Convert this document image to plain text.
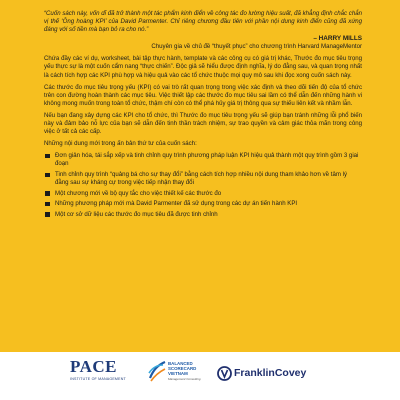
“Cuốn sách này, vốn dĩ đã trở thành một tác phẩm kinh điển về công tác đo lường hiệu suất, đã khẳng định chắc chắn vị thế ‘Ông hoàng KPI’ của David Parmenter. Chỉ riêng chương đầu tiên với phần nội dung kinh điển cũng đã xứng đáng với số tiền mà bạn bỏ ra cho nó.”

– HARRY MILLS

Chuyên gia về chủ đề “thuyết phục” cho chương trình Harvard ManageMentor

Chứa đầy các ví dụ, worksheet, bài tập thực hành, template và các công cụ có giá trị khác, Thước đo mục tiêu trọng yếu thực sự là một cuốn cẩm nang “thực chiến”. Độc giả sẽ hiểu được định nghĩa, lý do đằng sau, và quan trọng nhất là cách tích hợp các KPI phù hợp và hiệu quả vào các tổ chức thuộc mọi quy mô sau khi đọc xong cuốn sách này.

Các thước đo mục tiêu trọng yếu (KPI) có vai trò rất quan trọng trong việc xác định và theo dõi tiến độ của tổ chức trên con đường hoàn thành các mục tiêu. Việc thiết lập các thước đo mục tiêu sai lầm có thể dẫn đến những hành vi không mong muốn trong toàn tổ chức, thậm chí còn có thể phá hủy giá trị thông qua sự thiếu liên kết và nhầm lẫn.

Nếu bạn đang xây dựng các KPI cho tổ chức, thì Thước đo mục tiêu trọng yếu sẽ giúp bạn tránh những lỗi phổ biến này và đảm bảo nỗ lực của bạn sẽ dẫn đến tinh thần trách nhiệm, sự trao quyền và cảm giác thỏa mãn trong công việc ở tất cả các cấp.

Những nội dung mới trong ấn bản thứ tư của cuốn sách:

Đơn giản hóa, tái sắp xếp và tinh chỉnh quy trình phương pháp luận KPI hiệu quả thành một quy trình gồm 3 giai đoạn
Tinh chỉnh quy trình “quảng bá cho sự thay đổi” bằng cách tích hợp nhiều nội dung tham khảo hơn về tâm lý đằng sau sự kháng cự trong việc tiếp nhận thay đổi
Một chương mới về bộ quy tắc cho việc thiết kế các thước đo
Những phương pháp mới mà David Parmenter đã sử dụng trong các dự án tiến hành KPI
Một cơ sở dữ liệu các thước đo mục tiêu đã được tinh chỉnh
PACE
INSTITUTE OF MANAGEMENT
BALANCED
SCORECARD
VIETNAM
Management Consulting	FranklinCovey
